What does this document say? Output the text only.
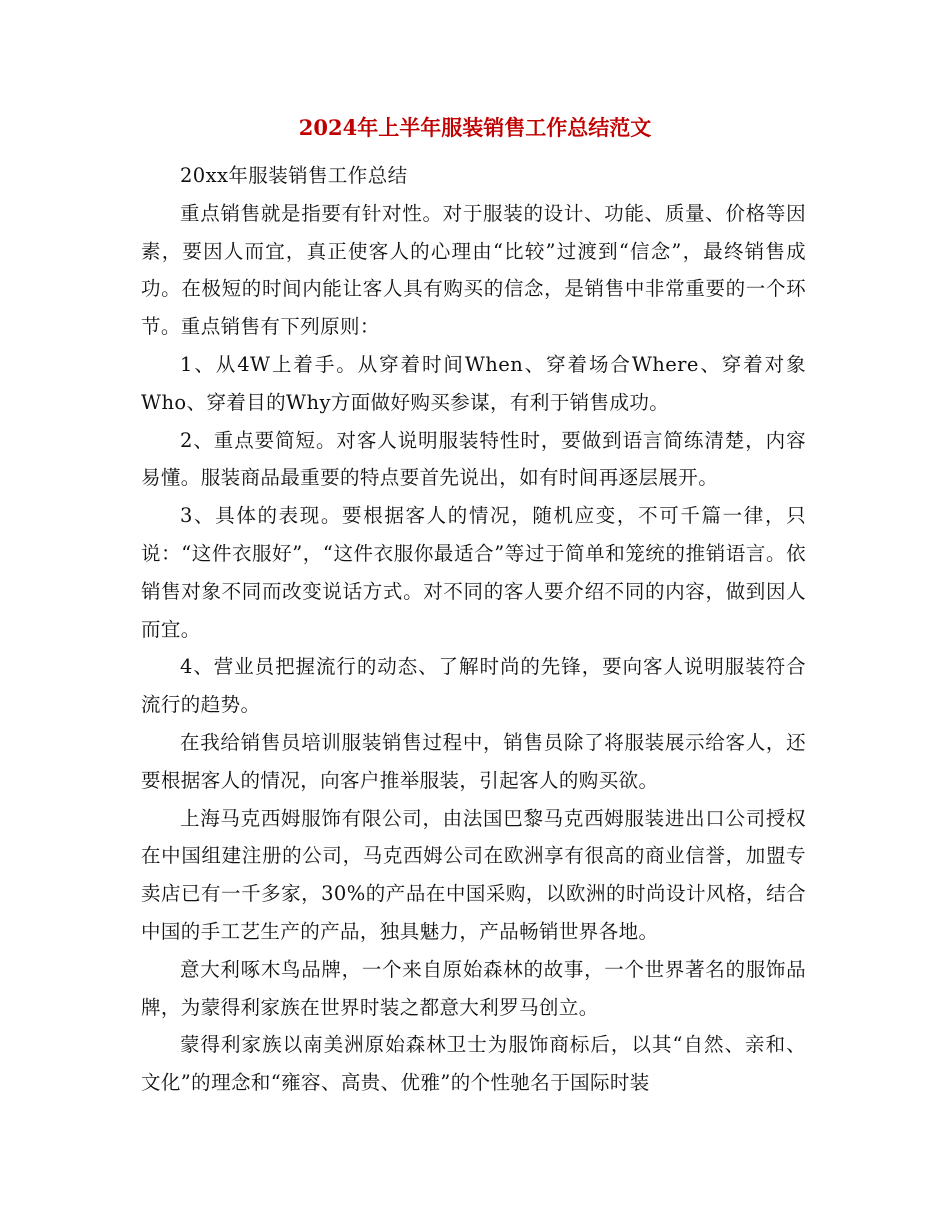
2024年上半年服装销售工作总结范文

20xx年服装销售工作总结

重点销售就是指要有针对性。对于服装的设计、功能、质量、价格等因素，要因人而宜，真正使客人的心理由“比较”过渡到“信念”，最终销售成功。在极短的时间内能让客人具有购买的信念，是销售中非常重要的一个环节。重点销售有下列原则：

1、从4W上着手。从穿着时间When、穿着场合Where、穿着对象Who、穿着目的Why方面做好购买参谋，有利于销售成功。

2、重点要简短。对客人说明服装特性时，要做到语言简练清楚，内容易懂。服装商品最重要的特点要首先说出，如有时间再逐层展开。

3、具体的表现。要根据客人的情况，随机应变，不可千篇一律，只说：“这件衣服好”，“这件衣服你最适合”等过于简单和笼统的推销语言。依销售对象不同而改变说话方式。对不同的客人要介绍不同的内容，做到因人而宜。

4、营业员把握流行的动态、了解时尚的先锋，要向客人说明服装符合流行的趋势。

在我给销售员培训服装销售过程中，销售员除了将服装展示给客人，还要根据客人的情况，向客户推举服装，引起客人的购买欲。

上海马克西姆服饰有限公司，由法国巴黎马克西姆服装进出口公司授权在中国组建注册的公司，马克西姆公司在欧洲享有很高的商业信誉，加盟专卖店已有一千多家，30%的产品在中国采购，以欧洲的时尚设计风格，结合中国的手工艺生产的产品，独具魅力，产品畅销世界各地。

意大利啄木鸟品牌，一个来自原始森林的故事，一个世界著名的服饰品牌，为蒙得利家族在世界时装之都意大利罗马创立。

蒙得利家族以南美洲原始森林卫士为服饰商标后，以其“自然、亲和、文化”的理念和“雍容、高贵、优雅”的个性驰名于国际时装
